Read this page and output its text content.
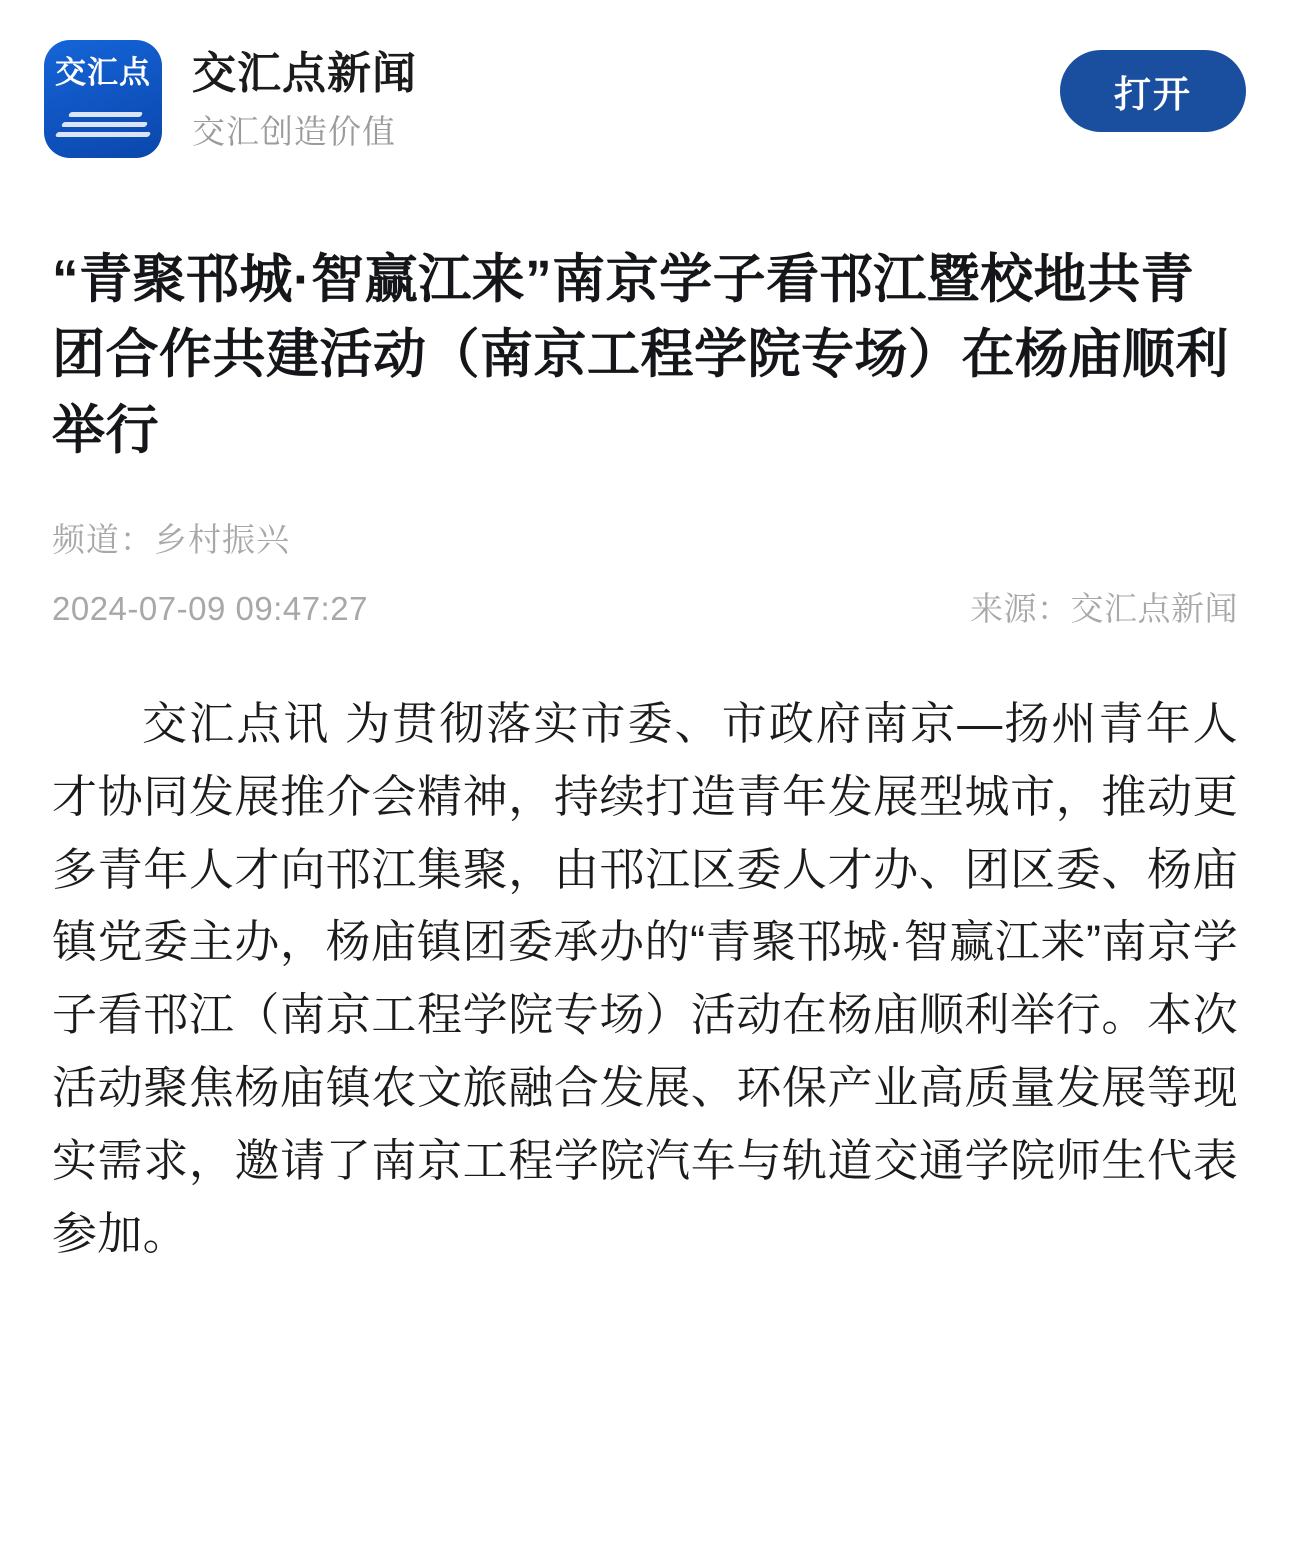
交汇点 交汇点新闻
交汇创造价值
打开
“青聚邗城·智赢江来”南京学子看邗江暨校地共青团合作共建活动（南京工程学院专场）在杨庙顺利举行
频道：乡村振兴
2024-07-09 09:47:27	来源：交汇点新闻

交汇点讯 为贯彻落实市委、市政府南京—扬州青年人才协同发展推介会精神，持续打造青年发展型城市，推动更多青年人才向邗江集聚，由邗江区委人才办、团区委、杨庙镇党委主办，杨庙镇团委承办的“青聚邗城·智赢江来”南京学子看邗江（南京工程学院专场）活动在杨庙顺利举行。本次活动聚焦杨庙镇农文旅融合发展、环保产业高质量发展等现实需求，邀请了南京工程学院汽车与轨道交通学院师生代表参加。
